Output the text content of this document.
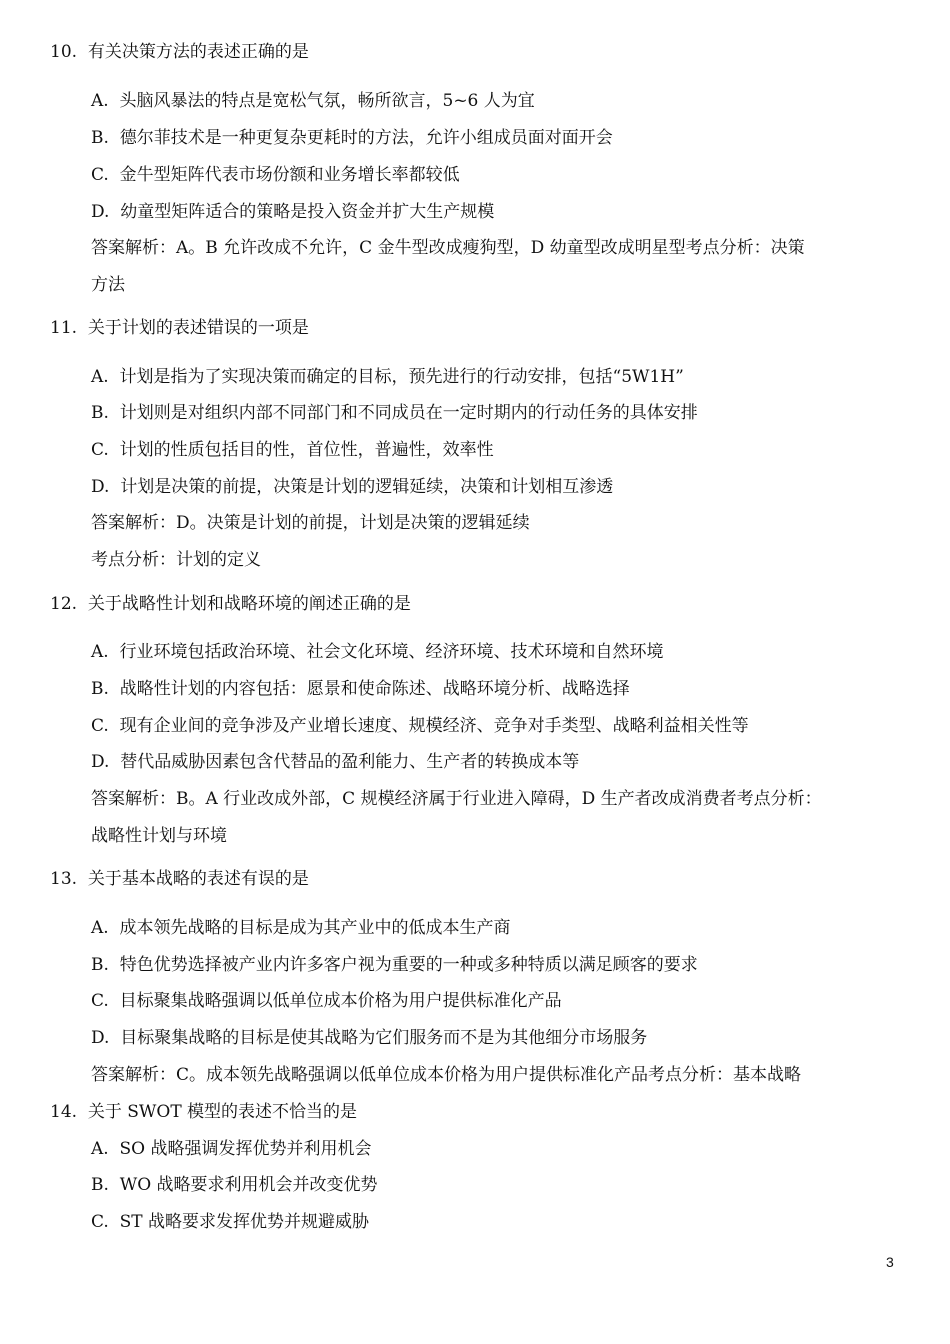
10. 有关决策方法的表述正确的是
A. 头脑风暴法的特点是宽松气氛，畅所欲言，5~6 人为宜
B. 德尔菲技术是一种更复杂更耗时的方法，允许小组成员面对面开会
C. 金牛型矩阵代表市场份额和业务增长率都较低
D. 幼童型矩阵适合的策略是投入资金并扩大生产规模
答案解析：A。B 允许改成不允许，C 金牛型改成瘦狗型，D 幼童型改成明星型考点分析：决策
方法
11. 关于计划的表述错误的一项是
A. 计划是指为了实现决策而确定的目标，预先进行的行动安排，包括“5W1H”
B. 计划则是对组织内部不同部门和不同成员在一定时期内的行动任务的具体安排
C. 计划的性质包括目的性，首位性，普遍性，效率性
D. 计划是决策的前提，决策是计划的逻辑延续，决策和计划相互渗透
答案解析：D。决策是计划的前提，计划是决策的逻辑延续
考点分析：计划的定义
12. 关于战略性计划和战略环境的阐述正确的是
A. 行业环境包括政治环境、社会文化环境、经济环境、技术环境和自然环境
B. 战略性计划的内容包括：愿景和使命陈述、战略环境分析、战略选择
C. 现有企业间的竞争涉及产业增长速度、规模经济、竞争对手类型、战略利益相关性等
D. 替代品威胁因素包含代替品的盈利能力、生产者的转换成本等
答案解析：B。A 行业改成外部，C 规模经济属于行业进入障碍，D 生产者改成消费者考点分析：
战略性计划与环境
13. 关于基本战略的表述有误的是
A. 成本领先战略的目标是成为其产业中的低成本生产商
B. 特色优势选择被产业内许多客户视为重要的一种或多种特质以满足顾客的要求
C. 目标聚集战略强调以低单位成本价格为用户提供标准化产品
D. 目标聚集战略的目标是使其战略为它们服务而不是为其他细分市场服务
答案解析：C。成本领先战略强调以低单位成本价格为用户提供标准化产品考点分析：基本战略
14. 关于 SWOT 模型的表述不恰当的是
A. SO 战略强调发挥优势并利用机会
B. WO 战略要求利用机会并改变优势
C. ST 战略要求发挥优势并规避威胁
3
